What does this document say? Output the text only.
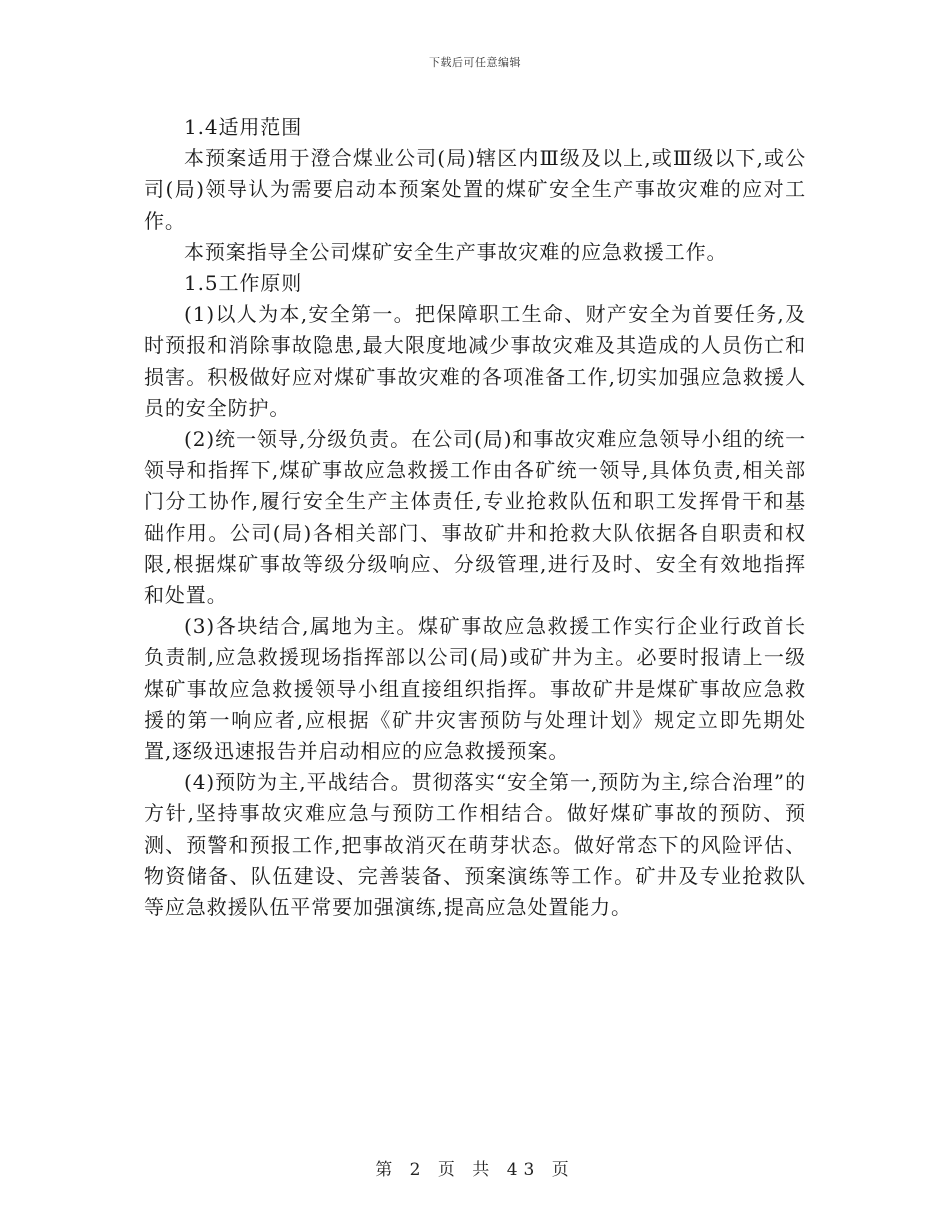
下载后可任意编辑

1.4适用范围

本预案适用于澄合煤业公司(局)辖区内Ⅲ级及以上,或Ⅲ级以下,或公司(局)领导认为需要启动本预案处置的煤矿安全生产事故灾难的应对工作。

本预案指导全公司煤矿安全生产事故灾难的应急救援工作。

1.5工作原则

(1)以人为本,安全第一。把保障职工生命、财产安全为首要任务,及时预报和消除事故隐患,最大限度地减少事故灾难及其造成的人员伤亡和损害。积极做好应对煤矿事故灾难的各项准备工作,切实加强应急救援人员的安全防护。

(2)统一领导,分级负责。在公司(局)和事故灾难应急领导小组的统一领导和指挥下,煤矿事故应急救援工作由各矿统一领导,具体负责,相关部门分工协作,履行安全生产主体责任,专业抢救队伍和职工发挥骨干和基础作用。公司(局)各相关部门、事故矿井和抢救大队依据各自职责和权限,根据煤矿事故等级分级响应、分级管理,进行及时、安全有效地指挥和处置。

(3)各块结合,属地为主。煤矿事故应急救援工作实行企业行政首长负责制,应急救援现场指挥部以公司(局)或矿井为主。必要时报请上一级煤矿事故应急救援领导小组直接组织指挥。事故矿井是煤矿事故应急救援的第一响应者,应根据《矿井灾害预防与处理计划》规定立即先期处置,逐级迅速报告并启动相应的应急救援预案。

(4)预防为主,平战结合。贯彻落实“安全第一,预防为主,综合治理”的方针,坚持事故灾难应急与预防工作相结合。做好煤矿事故的预防、预测、预警和预报工作,把事故消灭在萌芽状态。做好常态下的风险评估、物资储备、队伍建设、完善装备、预案演练等工作。矿井及专业抢救队等应急救援队伍平常要加强演练,提高应急处置能力。

第 2 页 共 43 页
